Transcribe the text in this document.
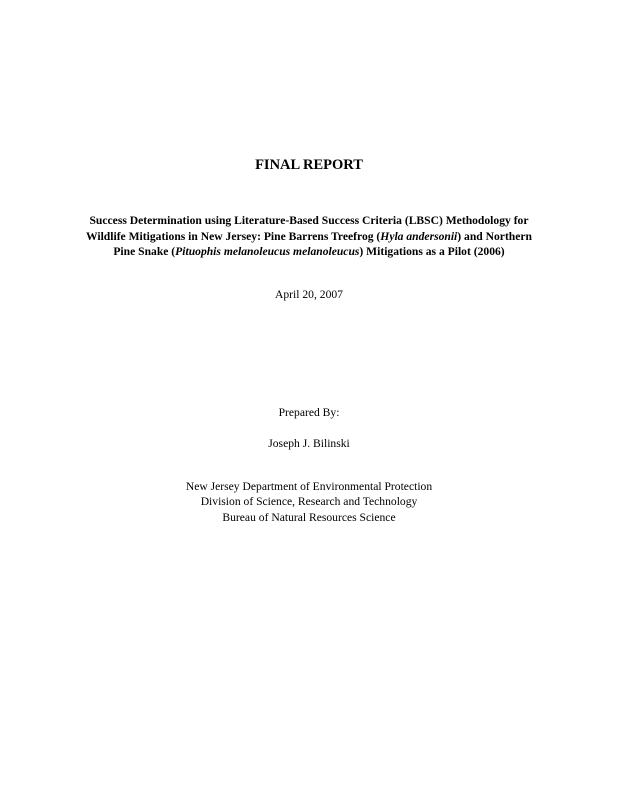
FINAL REPORT

Success Determination using Literature-Based Success Criteria (LBSC) Methodology for
Wildlife Mitigations in New Jersey: Pine Barrens Treefrog (Hyla andersonii) and Northern
Pine Snake (Pituophis melanoleucus melanoleucus) Mitigations as a Pilot (2006)

April 20, 2007

Prepared By:

Joseph J. Bilinski

New Jersey Department of Environmental Protection
Division of Science, Research and Technology
Bureau of Natural Resources Science
